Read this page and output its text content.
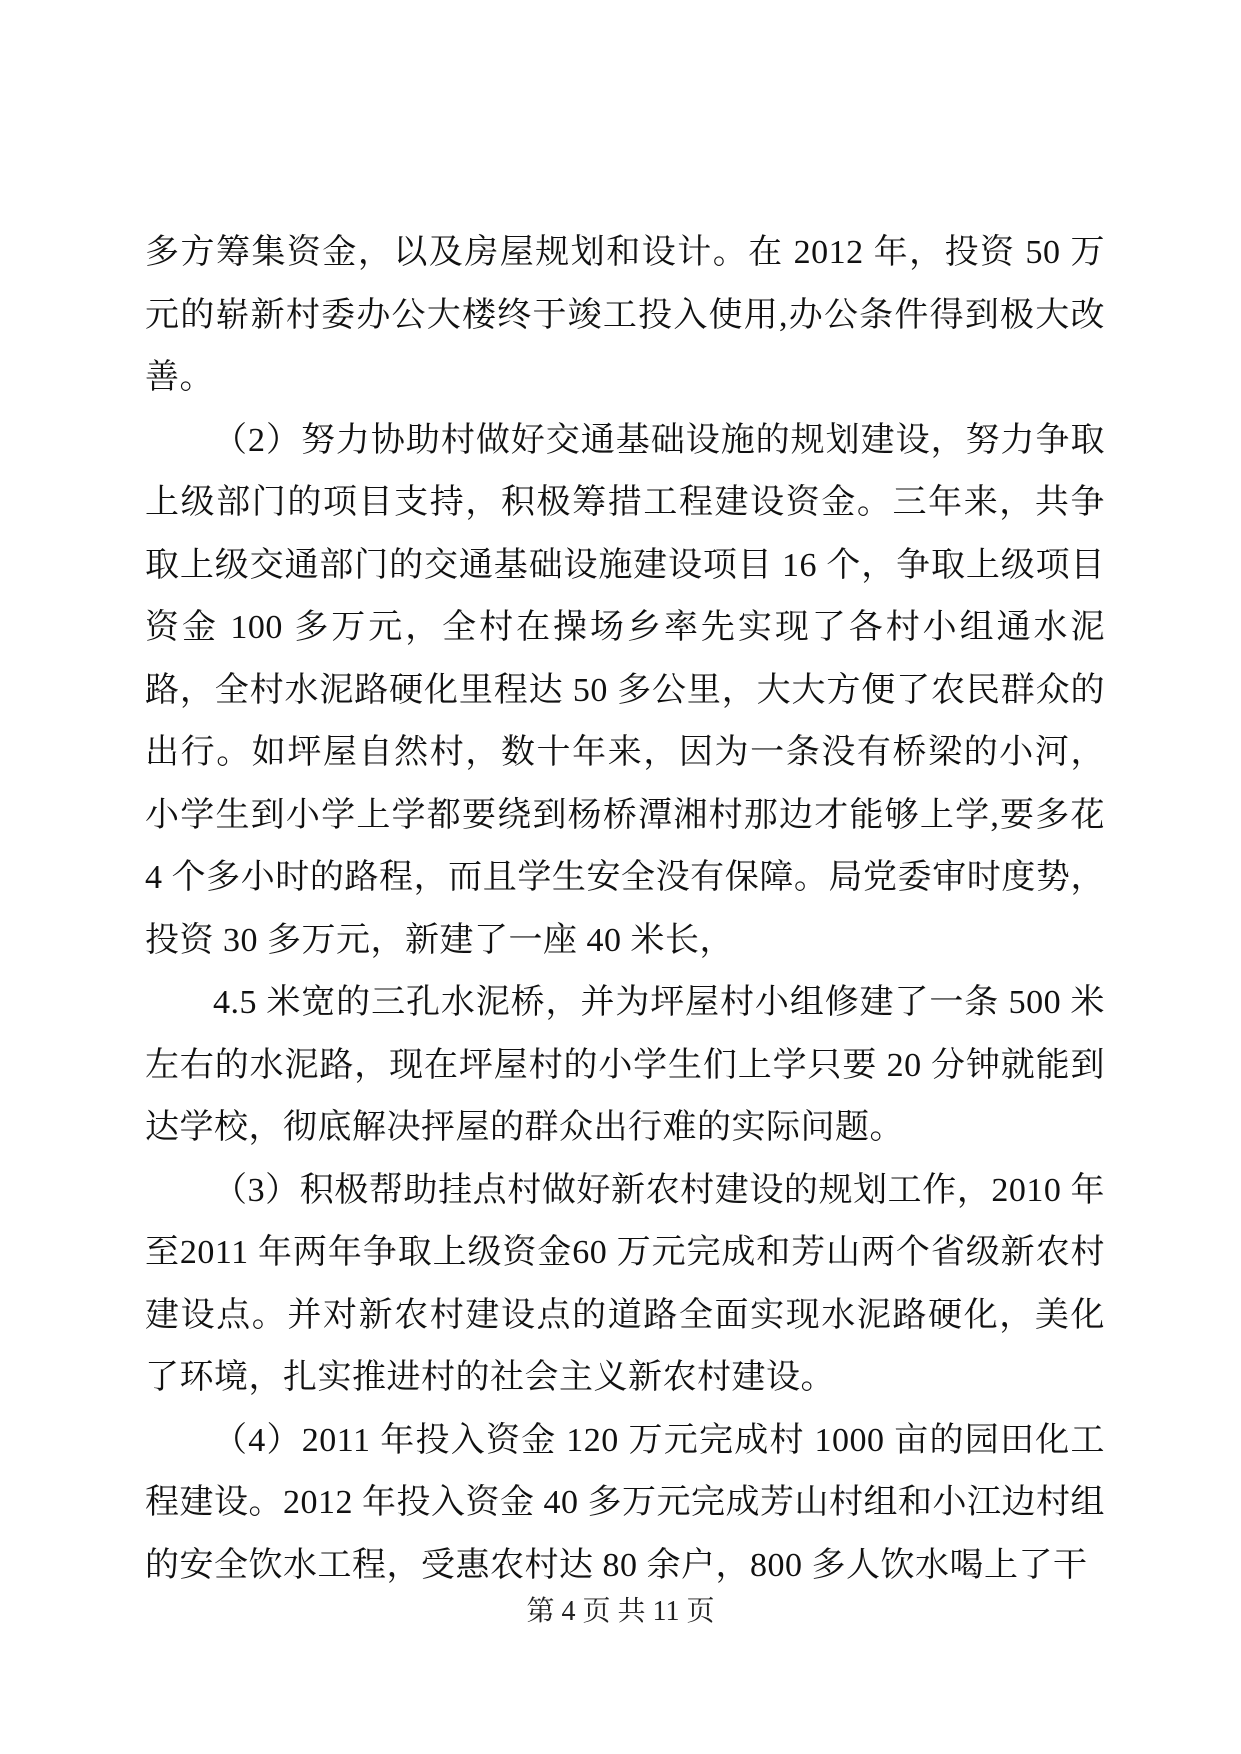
多方筹集资金，以及房屋规划和设计。在 2012 年，投资 50 万元的崭新村委办公大楼终于竣工投入使用,办公条件得到极大改善。

（2）努力协助村做好交通基础设施的规划建设，努力争取上级部门的项目支持，积极筹措工程建设资金。三年来，共争取上级交通部门的交通基础设施建设项目 16 个，争取上级项目资金 100 多万元，全村在操场乡率先实现了各村小组通水泥路，全村水泥路硬化里程达 50 多公里，大大方便了农民群众的出行。如坪屋自然村，数十年来，因为一条没有桥梁的小河，小学生到小学上学都要绕到杨桥潭湘村那边才能够上学,要多花 4 个多小时的路程，而且学生安全没有保障。局党委审时度势，投资 30 多万元，新建了一座 40 米长，

4.5 米宽的三孔水泥桥，并为坪屋村小组修建了一条 500 米左右的水泥路，现在坪屋村的小学生们上学只要 20 分钟就能到达学校，彻底解决抨屋的群众出行难的实际问题。

（3）积极帮助挂点村做好新农村建设的规划工作，2010 年至2011 年两年争取上级资金60 万元完成和芳山两个省级新农村建设点。并对新农村建设点的道路全面实现水泥路硬化，美化了环境，扎实推进村的社会主义新农村建设。

（4）2011 年投入资金 120 万元完成村 1000 亩的园田化工程建设。2012 年投入资金 40 多万元完成芳山村组和小江边村组的安全饮水工程，受惠农村达 80 余户，800 多人饮水喝上了干

第 4 页 共 11 页
